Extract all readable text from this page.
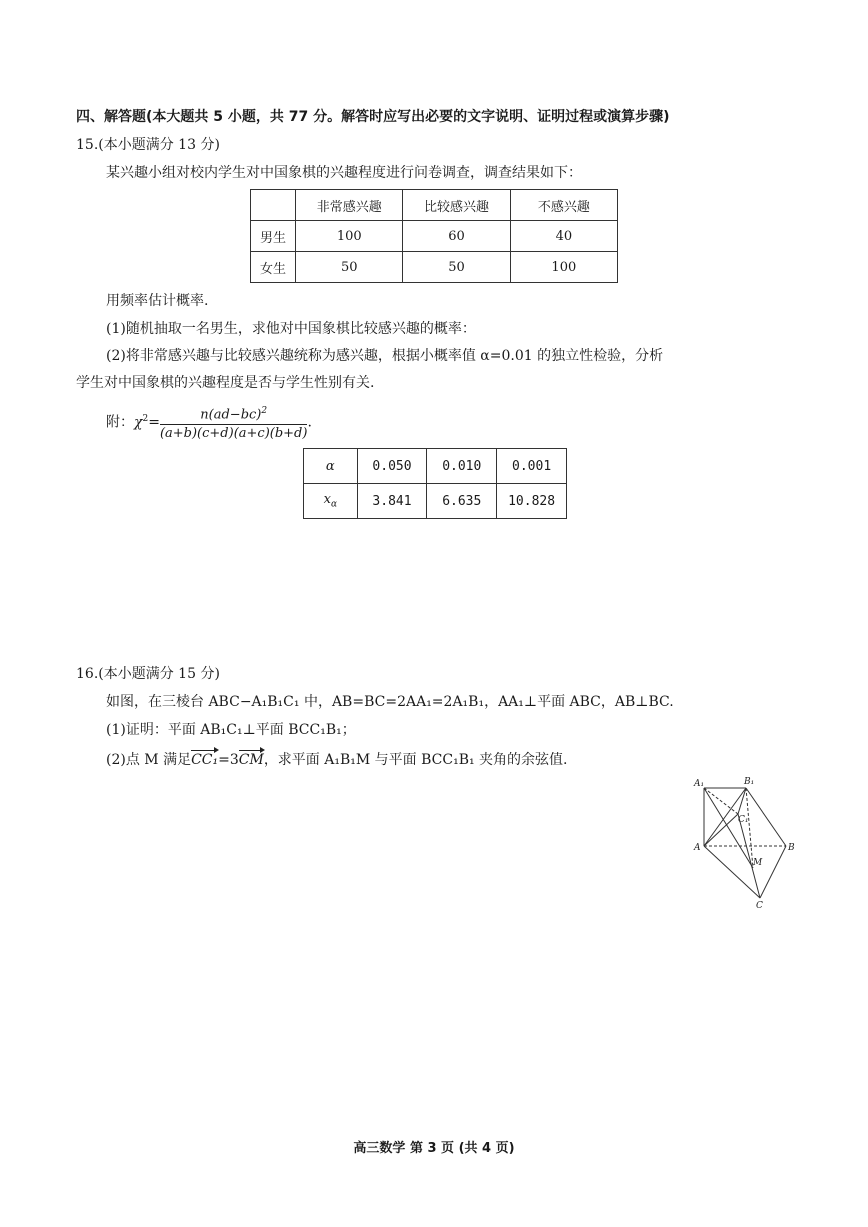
四、解答题(本大题共 5 小题，共 77 分。解答时应写出必要的文字说明、证明过程或演算步骤)
15.(本小题满分 13 分)
某兴趣小组对校内学生对中国象棋的兴趣程度进行问卷调查，调查结果如下：
	非常感兴趣	比较感兴趣	不感兴趣
男生	100	60	40
女生	50	50	100
用频率估计概率.
(1)随机抽取一名男生，求他对中国象棋比较感兴趣的概率：
(2)将非常感兴趣与比较感兴趣统称为感兴趣，根据小概率值 α=0.01 的独立性检验，分析
学生对中国象棋的兴趣程度是否与学生性别有关.
附：$\chi^2= \frac{n(ad-bc)^2}{(a+b)(c+d)(a+c)(b+d)}$ .
α	0.050	0.010	0.001
$x_\alpha$	3.841	6.635	10.828
16.(本小题满分 15 分)
如图，在三棱台 ABC−A₁B₁C₁ 中，AB=BC=2AA₁=2A₁B₁，AA₁⊥平面 ABC，AB⊥BC.
(1)证明：平面 AB₁C₁⊥平面 BCC₁B₁；
(2)点 M 满足CC₁=3CM，求平面 A₁B₁M 与平面 BCC₁B₁ 夹角的余弦值.
A₁	B₁
C₁
A	B
C
M
高三数学 第 3 页 (共 4 页)
